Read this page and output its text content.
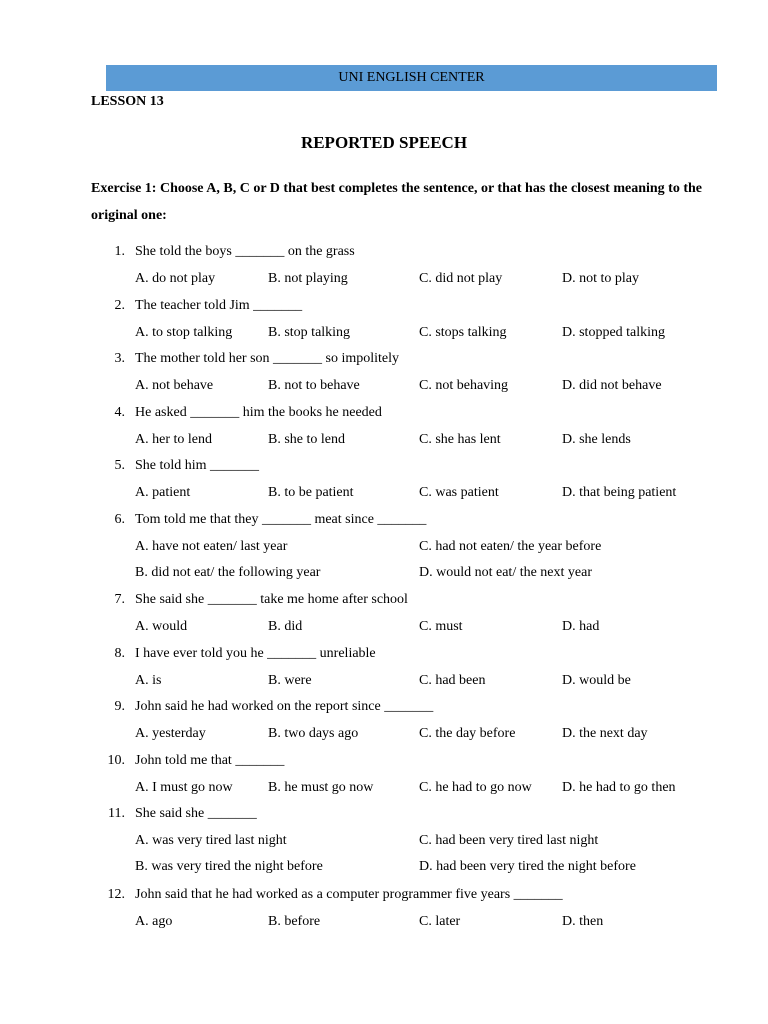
UNI ENGLISH CENTER
LESSON 13
REPORTED SPEECH
Exercise 1: Choose A, B, C or D that best completes the sentence, or that has the closest meaning to the original one:
1. She told the boys _______ on the grass
A. do not play	B. not playing	C. did not play	D. not to play
2. The teacher told Jim _______
A. to stop talking	B. stop talking	C. stops talking	D. stopped talking
3. The mother told her son _______ so impolitely
A. not behave	B. not to behave	C. not behaving	D. did not behave
4. He asked _______ him the books he needed
A. her to lend	B. she to lend	C. she has lent	D. she lends
5. She told him _______
A. patient	B. to be patient	C. was patient	D. that being patient
6. Tom told me that they _______ meat since _______
A. have not eaten/ last year
B. did not eat/ the following year
C. had not eaten/ the year before
D. would not eat/ the next year
7. She said she _______ take me home after school
A. would	B. did	C. must	D. had
8. I have ever told you he _______ unreliable
A. is	B. were	C. had been	D. would be
9. John said he had worked on the report since _______
A. yesterday	B. two days ago	C. the day before	D. the next day
10. John told me that _______
A. I must go now	B. he must go now	C. he had to go now D. he had to go then
11. She said she _______
A. was very tired last night
B. was very tired the night before
C. had been very tired last night
D. had been very tired the night before
12. John said that he had worked as a computer programmer five years _______
A. ago	B. before	C. later	D. then
